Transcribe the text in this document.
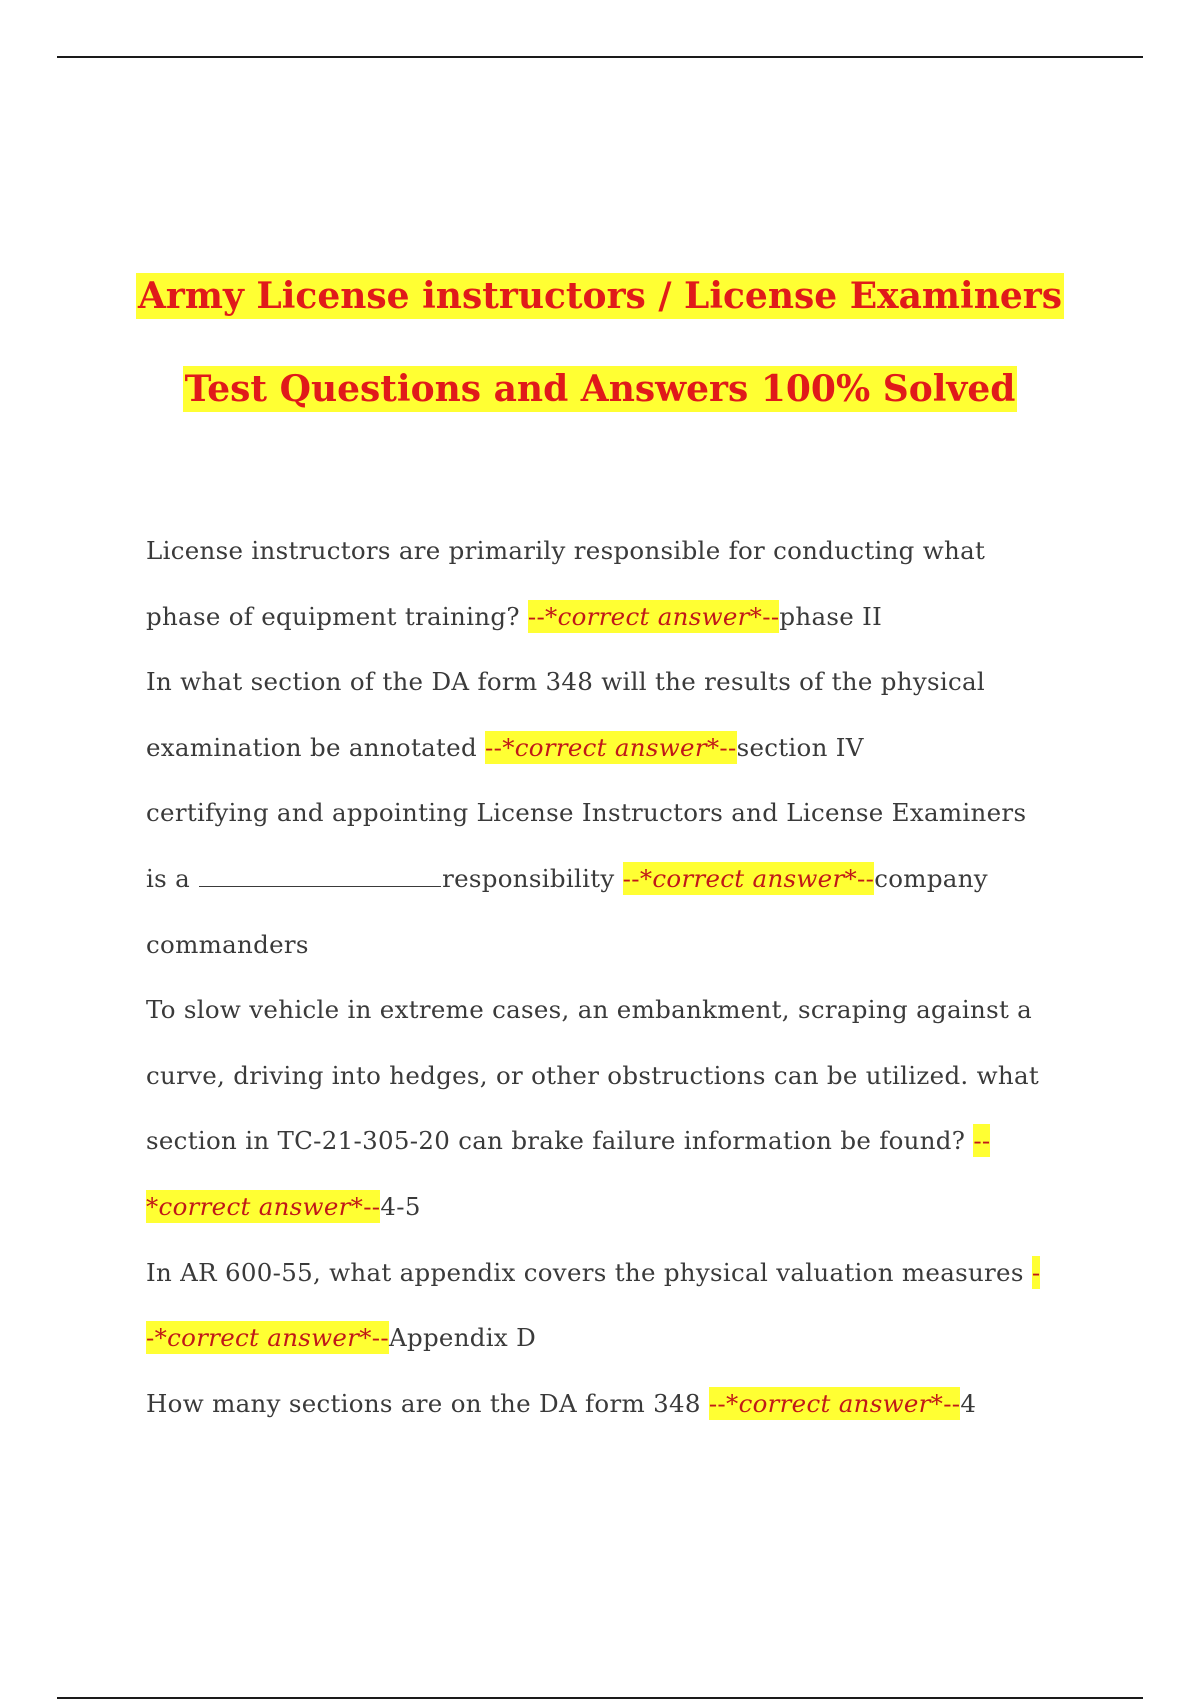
Army License instructors / License Examiners
Test Questions and Answers 100% Solved
License instructors are primarily responsible for conducting what
phase of equipment training? --*correct answer*--phase II
In what section of the DA form 348 will the results of the physical
examination be annotated --*correct answer*--section IV
certifying and appointing License Instructors and License Examiners
is a	responsibility --*correct answer*--company
commanders
To slow vehicle in extreme cases, an embankment, scraping against a
curve, driving into hedges, or other obstructions can be utilized. what
section in TC-21-305-20 can brake failure information be found? --
*correct answer*--4-5
In AR 600-55, what appendix covers the physical valuation measures -
-*correct answer*--Appendix D
How many sections are on the DA form 348 --*correct answer*--4
